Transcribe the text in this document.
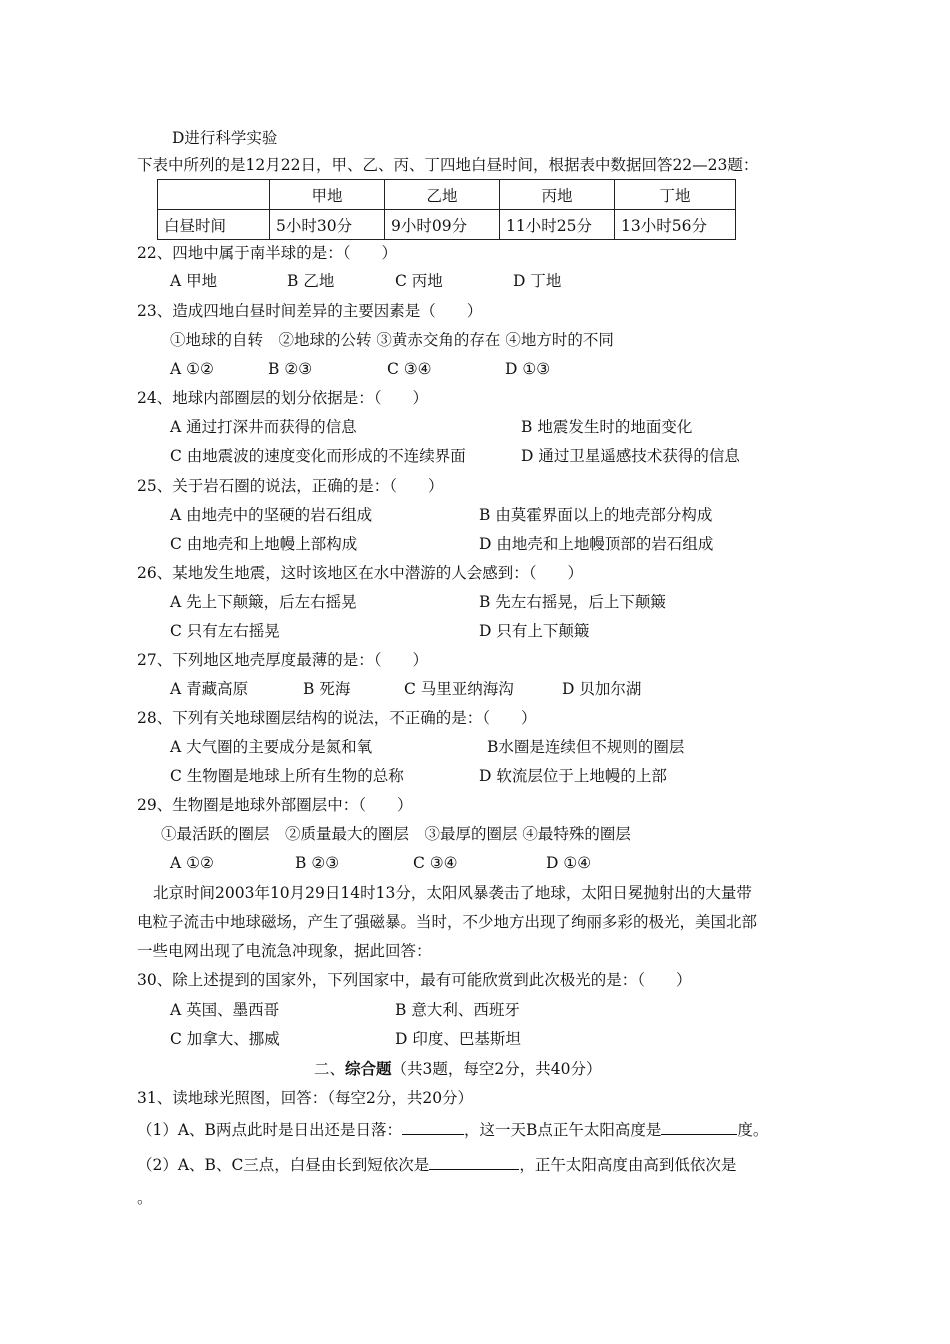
D进行科学实验
下表中所列的是12月22日，甲、乙、丙、丁四地白昼时间，根据表中数据回答22—23题：
	甲地	乙地	丙地	丁地
白昼时间	5小时30分	9小时09分	11小时25分	13小时56分
22、四地中属于南半球的是：（　　）
A 甲地	B 乙地	C 丙地	D 丁地
23、造成四地白昼时间差异的主要因素是（　　）
①地球的自转　②地球的公转 ③黄赤交角的存在 ④地方时的不同
A ①②	B ②③	C ③④	D ①③
24、地球内部圈层的划分依据是：（　　）
A 通过打深井而获得的信息	B 地震发生时的地面变化
C 由地震波的速度变化而形成的不连续界面	D 通过卫星遥感技术获得的信息
25、关于岩石圈的说法，正确的是：（　　）
A 由地壳中的坚硬的岩石组成	B 由莫霍界面以上的地壳部分构成
C 由地壳和上地幔上部构成	D 由地壳和上地幔顶部的岩石组成
26、某地发生地震，这时该地区在水中潜游的人会感到：（　　）
A 先上下颠簸，后左右摇晃	B 先左右摇晃，后上下颠簸
C 只有左右摇晃	D 只有上下颠簸
27、下列地区地壳厚度最薄的是：（　　）
A 青藏高原	B 死海	C 马里亚纳海沟	D 贝加尔湖
28、下列有关地球圈层结构的说法，不正确的是：（　　）
A 大气圈的主要成分是氮和氧	B水圈是连续但不规则的圈层
C 生物圈是地球上所有生物的总称	D 软流层位于上地幔的上部
29、生物圈是地球外部圈层中：（　　）
①最活跃的圈层　②质量最大的圈层　③最厚的圈层 ④最特殊的圈层
A ①②	B ②③	C ③④	D ①④
北京时间2003年10月29日14时13分，太阳风暴袭击了地球，太阳日冕抛射出的大量带
电粒子流击中地球磁场，产生了强磁暴。当时，不少地方出现了绚丽多彩的极光，美国北部
一些电网出现了电流急冲现象，据此回答：
30、除上述提到的国家外，下列国家中，最有可能欣赏到此次极光的是：（　　）
A 英国、墨西哥	B 意大利、西班牙
C 加拿大、挪威	D 印度、巴基斯坦
二、综合题（共3题，每空2分，共40分）
31、读地球光照图，回答：（每空2分，共20分）
（1）A、B两点此时是日出还是日落：	，这一天B点正午太阳高度是	度。
（2）A、B、C三点，白昼由长到短依次是	，正午太阳高度由高到低依次是
。
